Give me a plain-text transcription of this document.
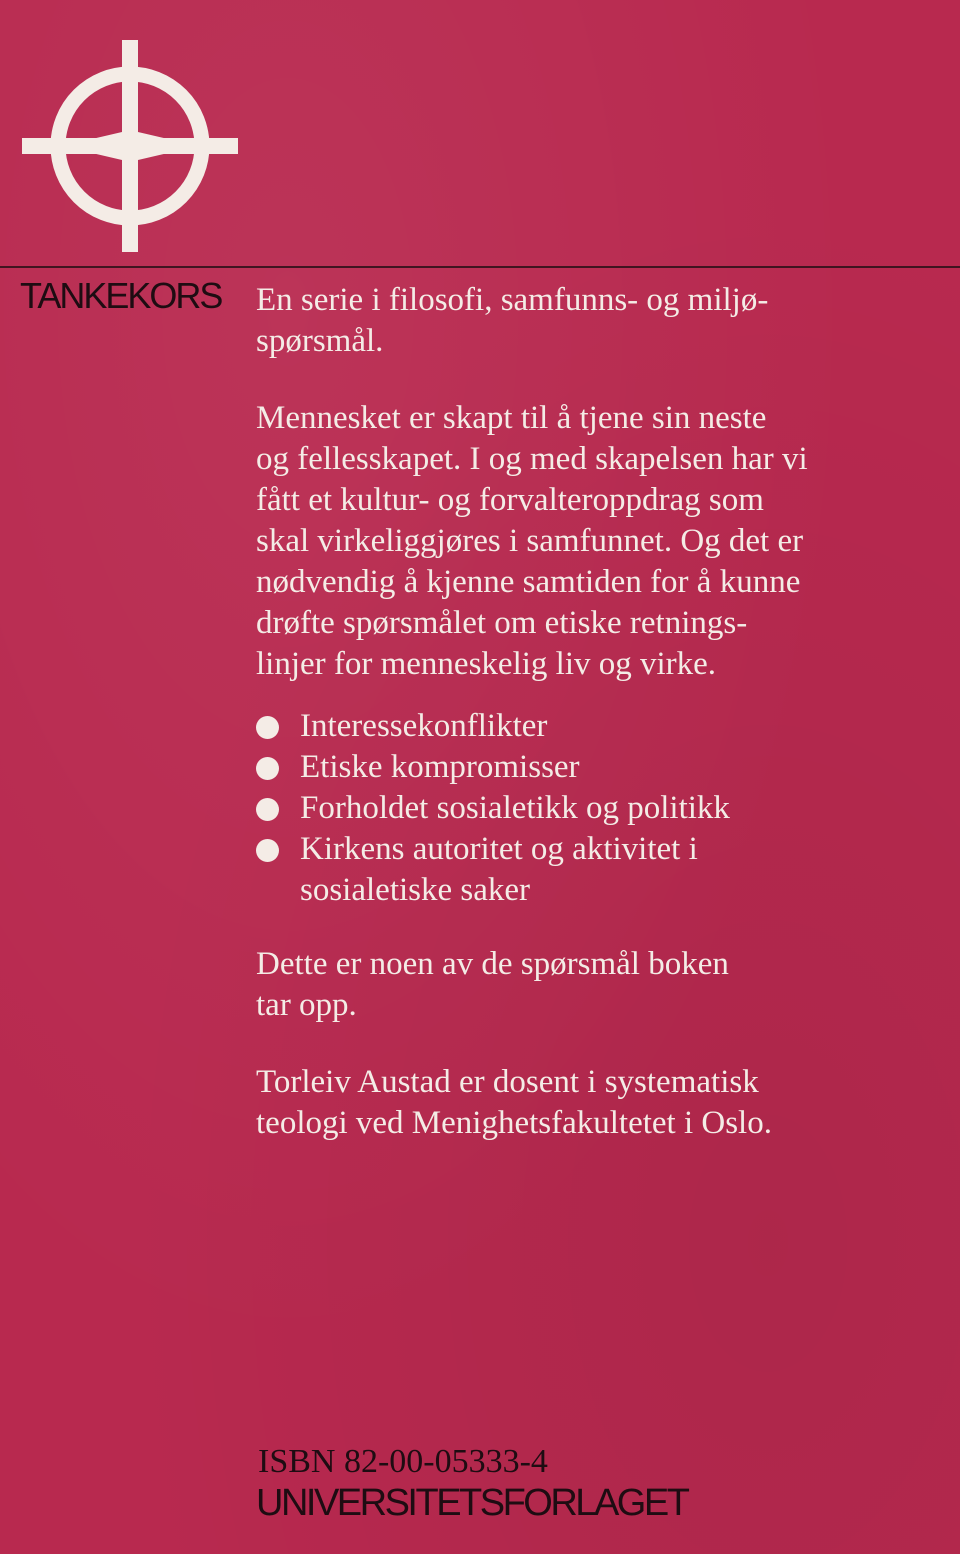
TANKEKORS En serie i filosofi, samfunns- og miljø-

spørsmål.

Mennesket er skapt til å tjene sin neste

og fellesskapet. I og med skapelsen har vi

fått et kultur- og forvalteroppdrag som

skal virkeliggjøres i samfunnet. Og det er

nødvendig å kjenne samtiden for å kunne

drøfte spørsmålet om etiske retnings-

linjer for menneskelig liv og virke.

Interessekonflikter
Etiske kompromisser
Forholdet sosialetikk og politikk
Kirkens autoritet og aktivitet i
sosialetiske saker

Dette er noen av de spørsmål boken

tar opp.

Torleiv Austad er dosent i systematisk

teologi ved Menighetsfakultetet i Oslo.

ISBN 82-00-05333-4
UNIVERSITETSFORLAGET
